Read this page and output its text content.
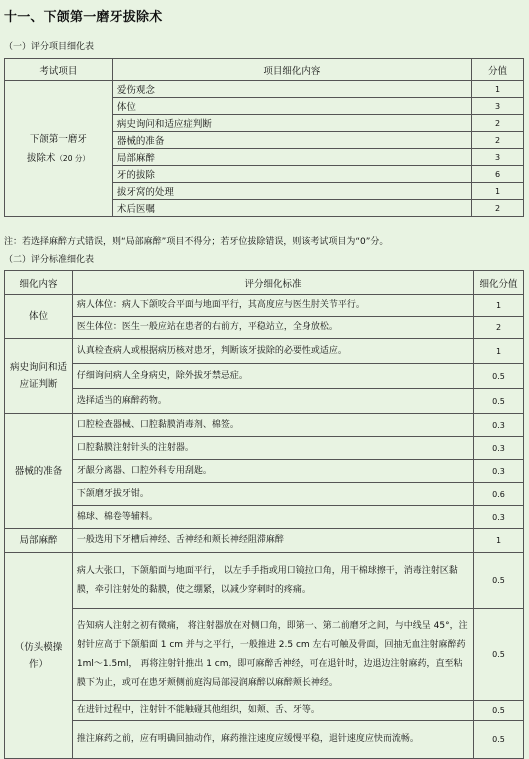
十一、下颌第一磨牙拔除术
（一）评分项目细化表
考试项目	项目细化内容	分值

下颌第一磨牙
拔除术（20 分）	爱伤观念	1
	体位	3
	病史询问和适应症判断	2
	器械的准备	2
	局部麻醉	3
	牙的拔除	6
	拔牙窝的处理	1
	术后医嘱	2
注：若选择麻醉方式错误，则“局部麻醉”项目不得分；若牙位拔除错误，则该考试项目为“0”分。
（二）评分标准细化表
细化内容	评分细化标准	细化分值
体位	病人体位：病人下颌咬合平面与地面平行，其高度应与医生肘关节平行。	1
	医生体位：医生一般应站在患者的右前方，平稳站立，全身放松。	2
病史询问和适应证判断	认真检查病人或根据病历核对患牙，判断该牙拔除的必要性或适应。	1
	仔细询问病人全身病史，除外拔牙禁忌症。	0.5
	选择适当的麻醉药物。	0.5
器械的准备	口腔检查器械、口腔黏膜消毒剂、棉签。	0.3
	口腔黏膜注射针头的注射器。	0.3
	牙龈分离器、口腔外科专用刮匙。	0.3
	下颌磨牙拔牙钳。	0.6
	棉球、棉卷等辅料。	0.3
局部麻醉	一般选用下牙槽后神经、舌神经和颊长神经阻滞麻醉	1
（仿头模操作）	病人大张口，下颌船面与地面平行， 以左手手指或用口镜拉口角，用干棉球擦干，消毒注射区黏膜，牵引注射处的黏膜，使之绷紧，以减少穿刺时的疼痛。	0.5
	告知病人注射之初有微痛， 将注射器放在对侧口角，即第一、第二前磨牙之间，与中线呈 45°，注射针应高于下颌船面 1 cm 并与之平行，一般推进 2.5 cm 左右可触及骨面，回抽无血注射麻醉药 1ml～1.5ml， 再将注射针推出 1 cm，即可麻醉舌神经，可在退针时，边退边注射麻药，直至粘膜下为止，或可在患牙颊侧前庭沟局部浸润麻醉以麻醉颊长神经。	0.5
	在进针过程中，注射针不能触碰其他组织，如颊、舌、牙等。	0.5
	推注麻药之前，应有明确回抽动作，麻药推注速度应缓慢平稳，退针速度应快而流畅。	0.5
